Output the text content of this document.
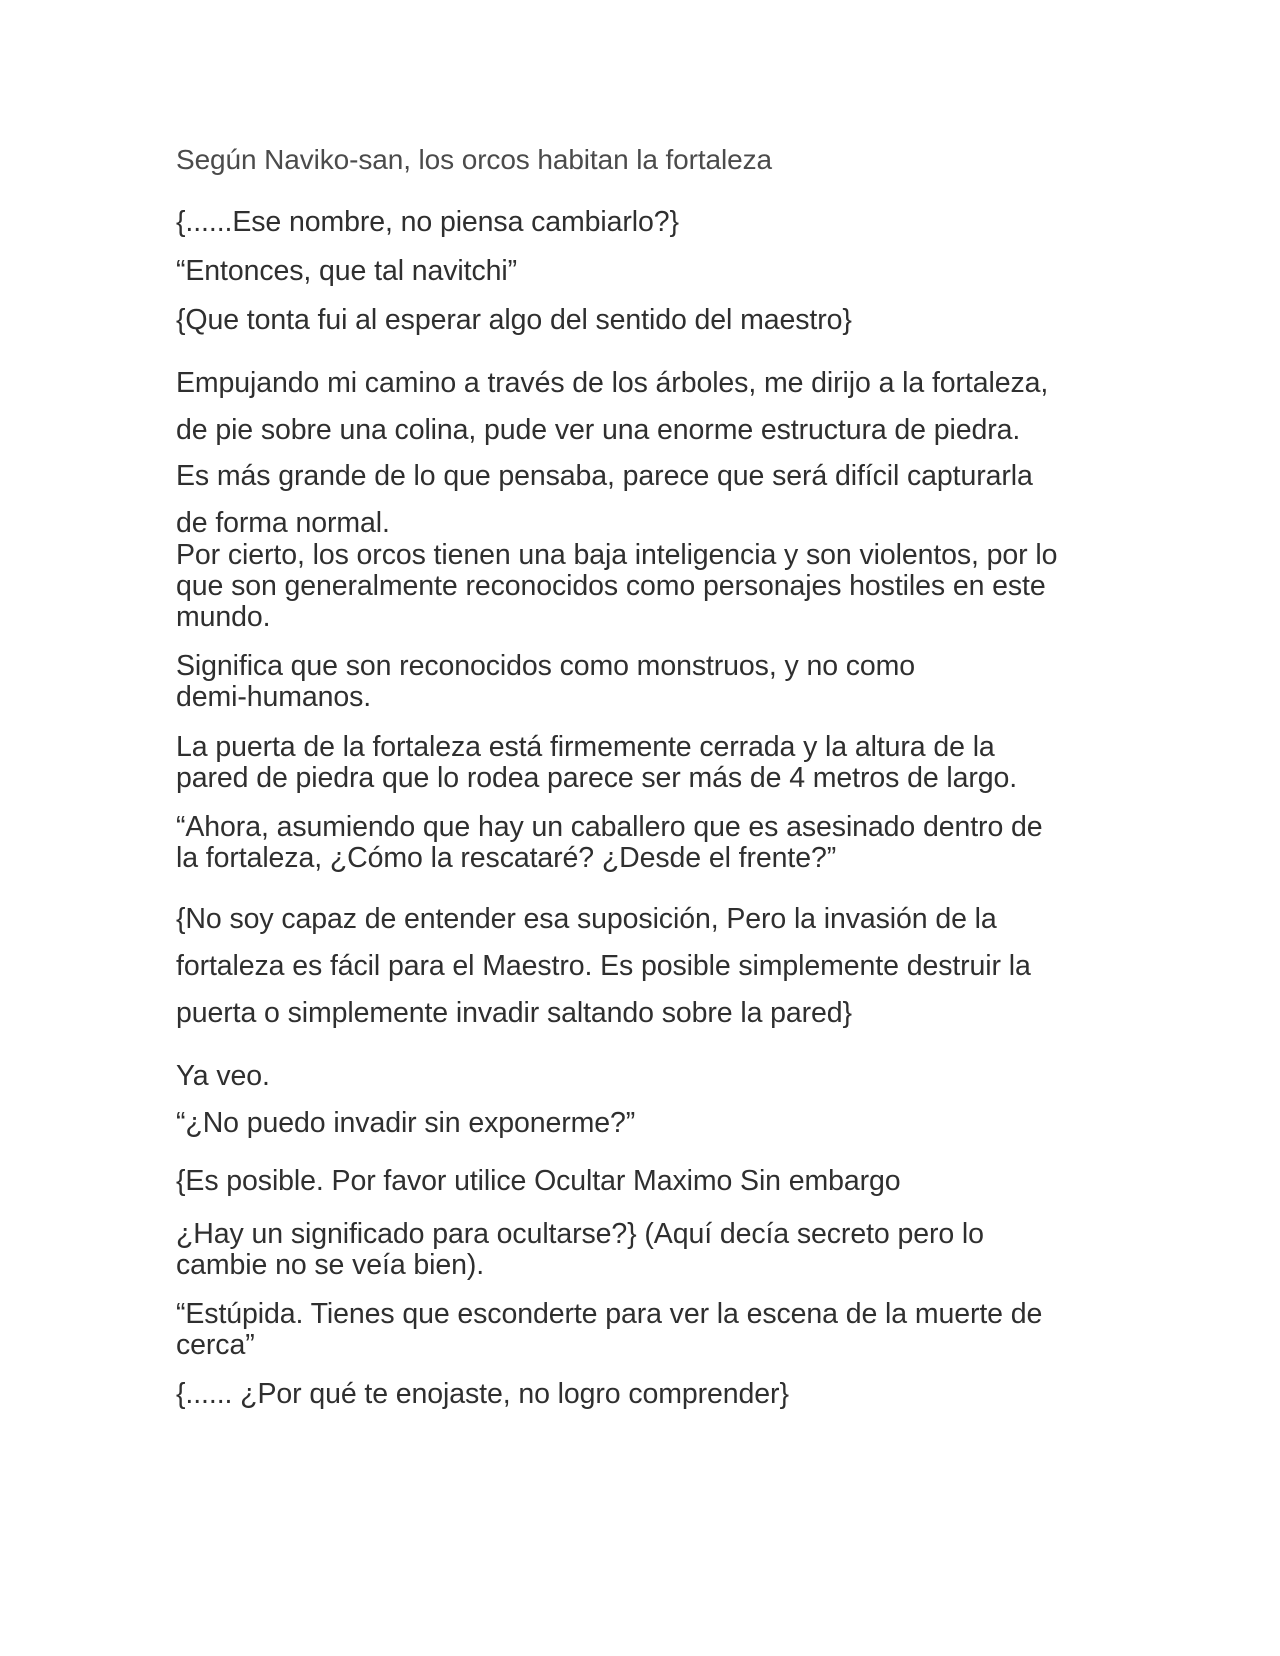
Según Naviko-san, los orcos habitan la fortaleza

{......Ese nombre, no piensa cambiarlo?}

“Entonces, que tal navitchi”

{Que tonta fui al esperar algo del sentido del maestro}

Empujando mi camino a través de los árboles, me dirijo a la fortaleza,

de pie sobre una colina, pude ver una enorme estructura de piedra.

Es más grande de lo que pensaba, parece que será difícil capturarla

de forma normal.

Por cierto, los orcos tienen una baja inteligencia y son violentos, por lo

que son generalmente reconocidos como personajes hostiles en este

mundo.

Significa que son reconocidos como monstruos, y no como

demi-humanos.

La puerta de la fortaleza está firmemente cerrada y la altura de la

pared de piedra que lo rodea parece ser más de 4 metros de largo.

“Ahora, asumiendo que hay un caballero que es asesinado dentro de

la fortaleza, ¿Cómo la rescataré? ¿Desde el frente?”

{No soy capaz de entender esa suposición, Pero la invasión de la

fortaleza es fácil para el Maestro. Es posible simplemente destruir la

puerta o simplemente invadir saltando sobre la pared}

Ya veo.

“¿No puedo invadir sin exponerme?”

{Es posible. Por favor utilice Ocultar Maximo Sin embargo

¿Hay un significado para ocultarse?} (Aquí decía secreto pero lo

cambie no se veía bien).

“Estúpida. Tienes que esconderte para ver la escena de la muerte de

cerca”

{...... ¿Por qué te enojaste, no logro comprender}
